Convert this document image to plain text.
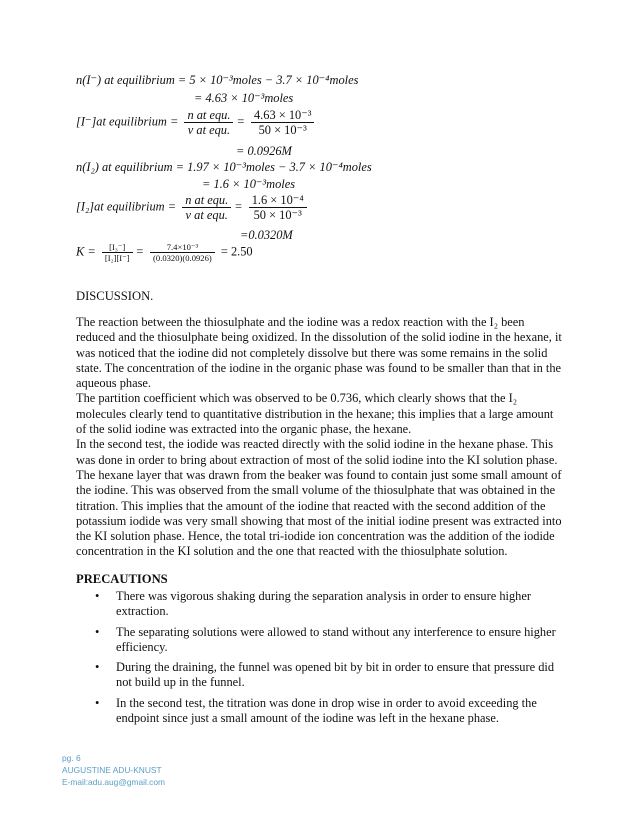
n(I⁻) at equilibrium = 5 × 10⁻³moles − 3.7 × 10⁻⁴moles
= 4.63 × 10⁻³moles
[I⁻]at equilibrium = $\frac{\text{n at equ.}}{\text{v at equ.}} = \frac{\text{4.63 × 10⁻³}}{\text{50 × 10⁻³}}$
= 0.0926M
n(I₂) at equilibrium = 1.97 × 10⁻³moles − 3.7 × 10⁻⁴moles
= 1.6 × 10⁻³moles
[I₂]at equilibrium = $\frac{\text{n at equ.}}{\text{v at equ.}} = \frac{\text{1.6 × 10⁻⁴}}{\text{50 × 10⁻³}}$
=0.0320M
$K = \frac{\text{[I₃⁻]}}{\text{[I₂][I⁻]}} = \frac{\text{7.4×10⁻³}}{(0.0320)(0.0926)} = 2.50$
DISCUSSION.

The reaction between the thiosulphate and the iodine was a redox reaction with the I₂ been reduced and the thiosulphate being oxidized. In the dissolution of the solid iodine in the hexane, it was noticed that the iodine did not completely dissolve but there was some remains in the solid state. The concentration of the iodine in the organic phase was found to be smaller than that in the aqueous phase.

The partition coefficient which was observed to be 0.736, which clearly shows that the I₂ molecules clearly tend to quantitative distribution in the hexane; this implies that a large amount of the solid iodine was extracted into the organic phase, the hexane.

In the second test, the iodide was reacted directly with the solid iodine in the hexane phase. This was done in order to bring about extraction of most of the solid iodine into the KI solution phase. The hexane layer that was drawn from the beaker was found to contain just some small amount of the iodine. This was observed from the small volume of the thiosulphate that was obtained in the titration. This implies that the amount of the iodine that reacted with the second addition of the potassium iodide was very small showing that most of the initial iodine present was extracted into the KI solution phase. Hence, the total tri-iodide ion concentration was the addition of the iodide concentration in the KI solution and the one that reacted with the thiosulphate solution.

PRECAUTIONS
• There was vigorous shaking during the separation analysis in order to ensure higher extraction.
• The separating solutions were allowed to stand without any interference to ensure higher efficiency.
• During the draining, the funnel was opened bit by bit in order to ensure that pressure did not build up in the funnel.
• In the second test, the titration was done in drop wise in order to avoid exceeding the endpoint since just a small amount of the iodine was left in the hexane phase.
pg. 6
AUGUSTINE ADU-KNUST
E-mail:adu.aug@gmail.com
